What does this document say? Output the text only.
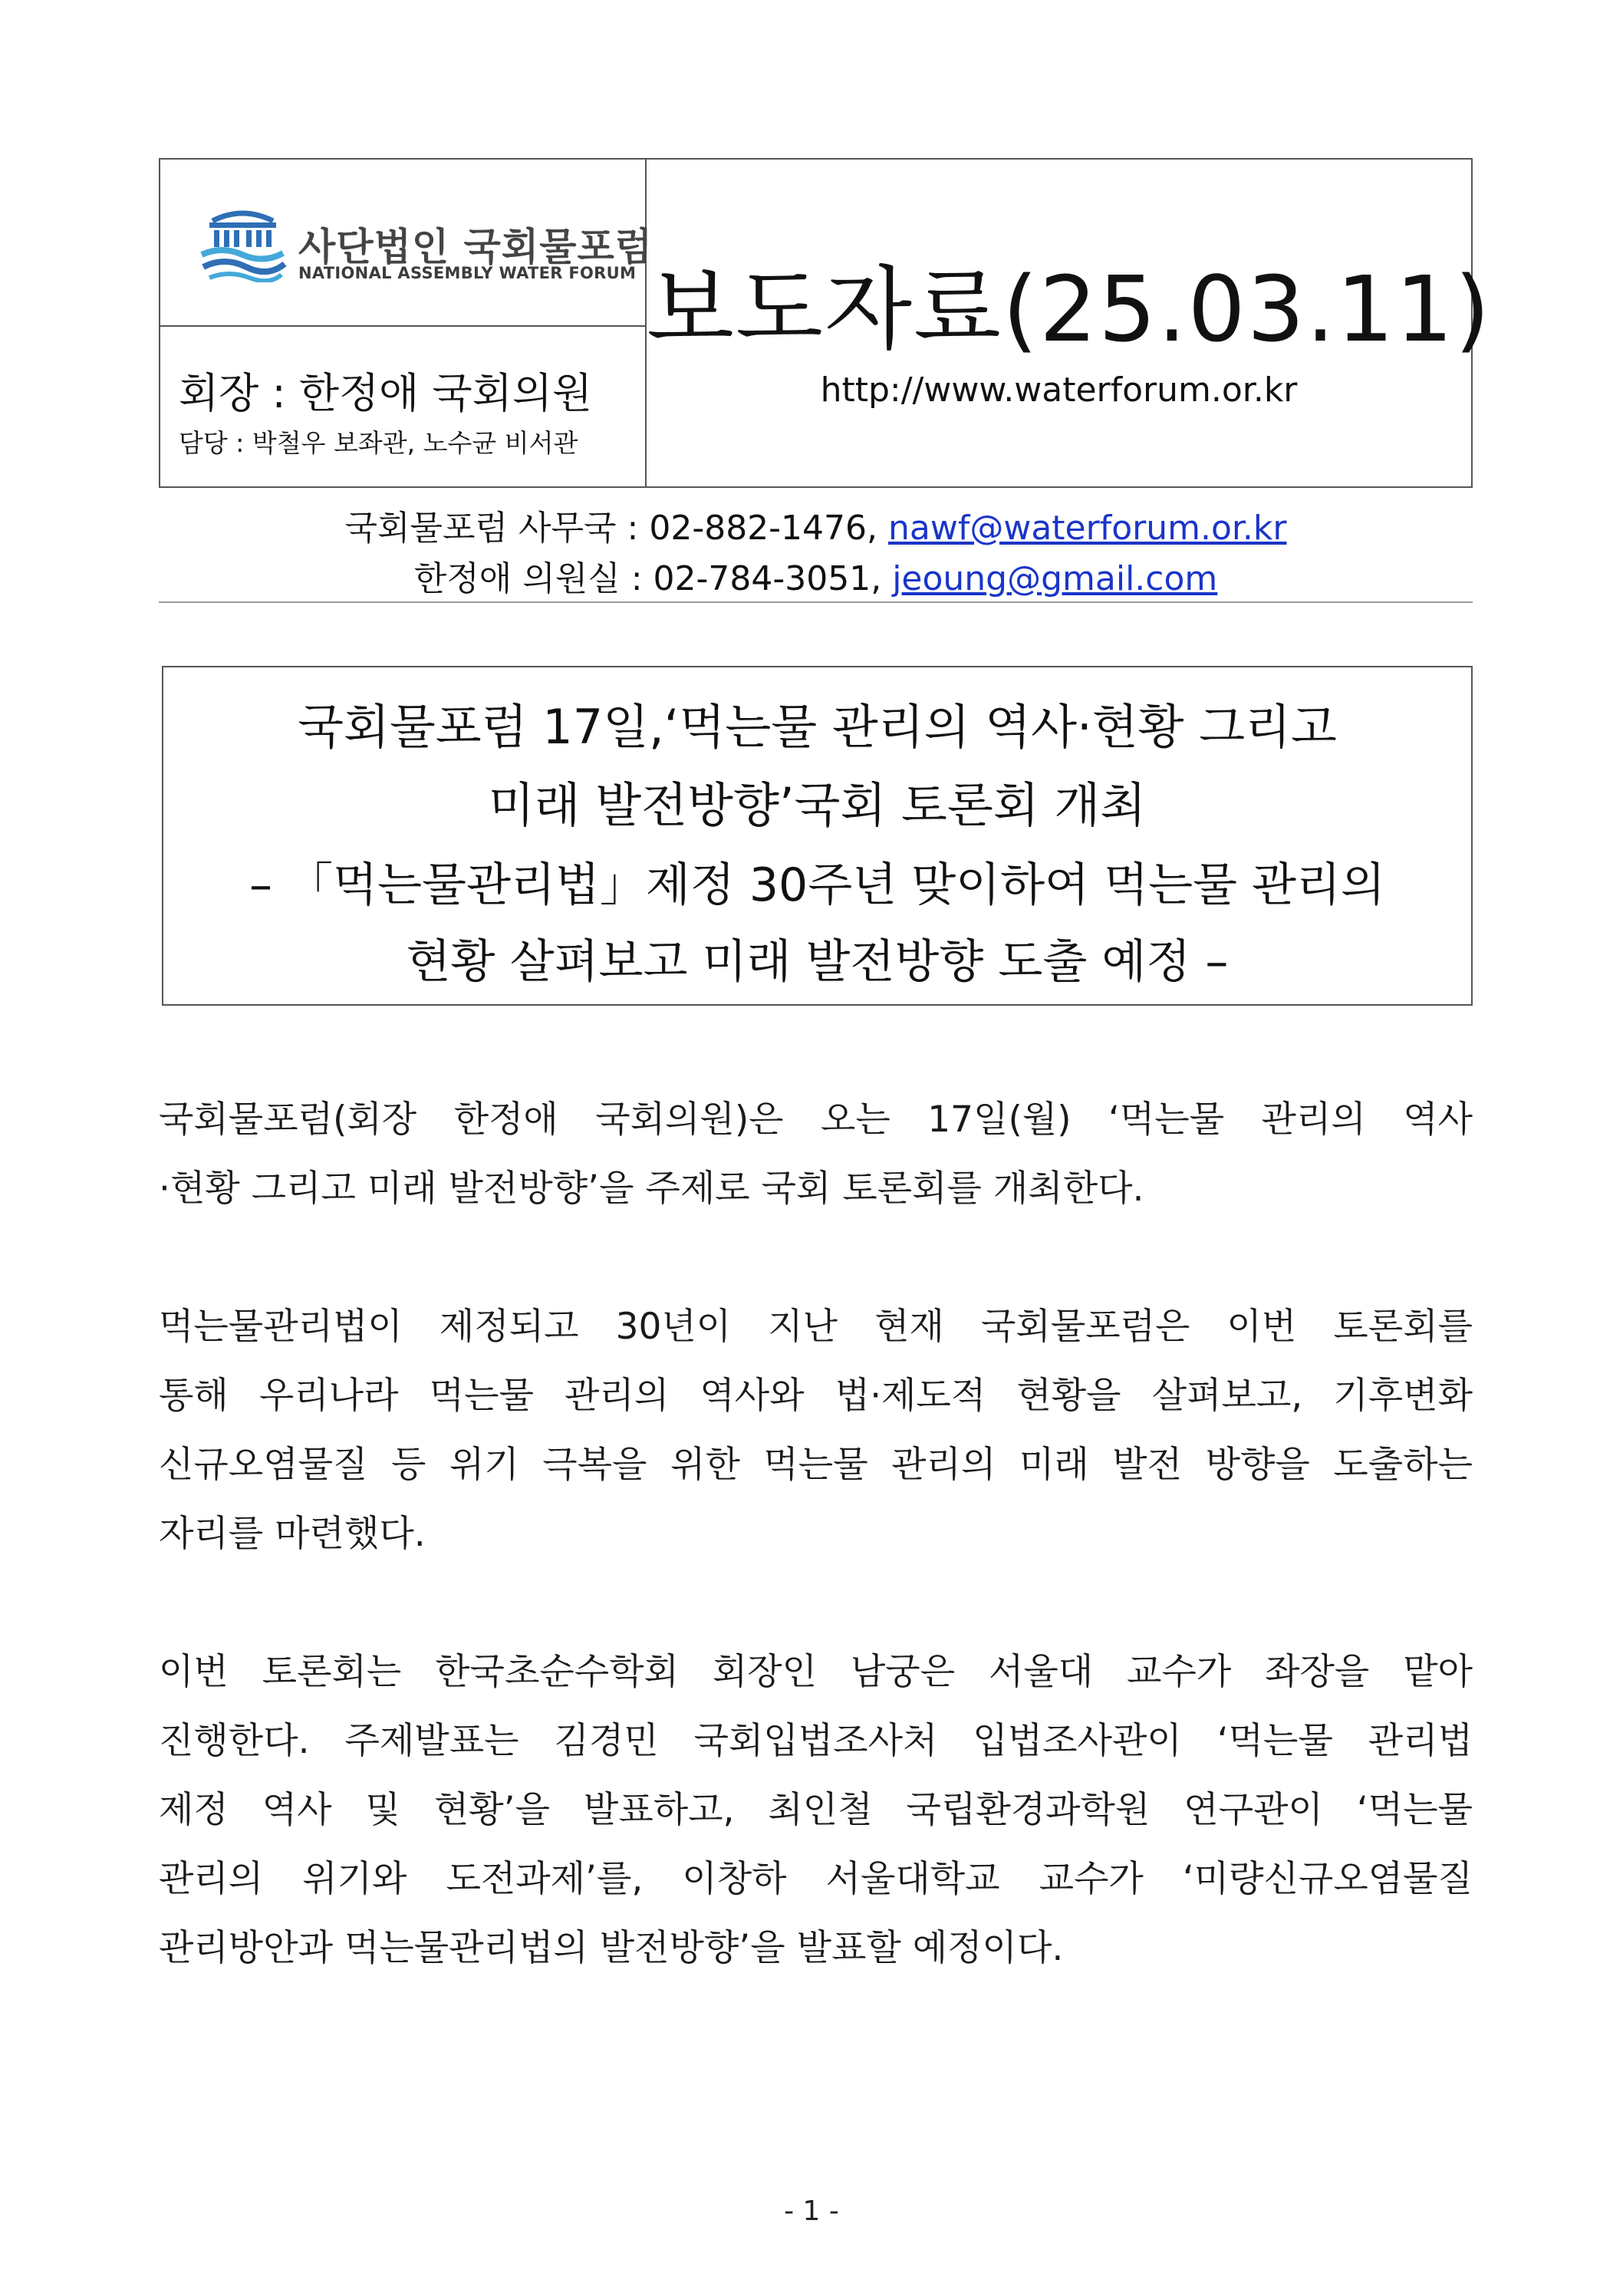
사단법인 국회물포럼
NATIONAL ASSEMBLY WATER FORUM
회장 : 한정애 국회의원
담당 : 박철우 보좌관, 노수균 비서관
보도자료(25.03.11)
http://www.waterforum.or.kr
국회물포럼 사무국 : 02-882-1476, nawf@waterforum.or.kr
한정애 의원실 : 02-784-3051, jeoung@gmail.com
국회물포럼 17일,‘먹는물 관리의 역사·현황 그리고
미래 발전방향’국회 토론회 개최
– 「먹는물관리법」제정 30주년 맞이하여 먹는물 관리의
현황 살펴보고 미래 발전방향 도출 예정 –
국회물포럼(회장 한정애 국회의원)은 오는 17일(월) ‘먹는물 관리의 역사
·현황 그리고 미래 발전방향’을 주제로 국회 토론회를 개최한다.
먹는물관리법이 제정되고 30년이 지난 현재 국회물포럼은 이번 토론회를
통해 우리나라 먹는물 관리의 역사와 법·제도적 현황을 살펴보고, 기후변화
신규오염물질 등 위기 극복을 위한 먹는물 관리의 미래 발전 방향을 도출하는
자리를 마련했다.
이번 토론회는 한국초순수학회 회장인 남궁은 서울대 교수가 좌장을 맡아
진행한다. 주제발표는 김경민 국회입법조사처 입법조사관이 ‘먹는물 관리법
제정 역사 및 현황’을 발표하고, 최인철 국립환경과학원 연구관이 ‘먹는물
관리의 위기와 도전과제’를, 이창하 서울대학교 교수가 ‘미량신규오염물질
관리방안과 먹는물관리법의 발전방향’을 발표할 예정이다.
- 1 -
